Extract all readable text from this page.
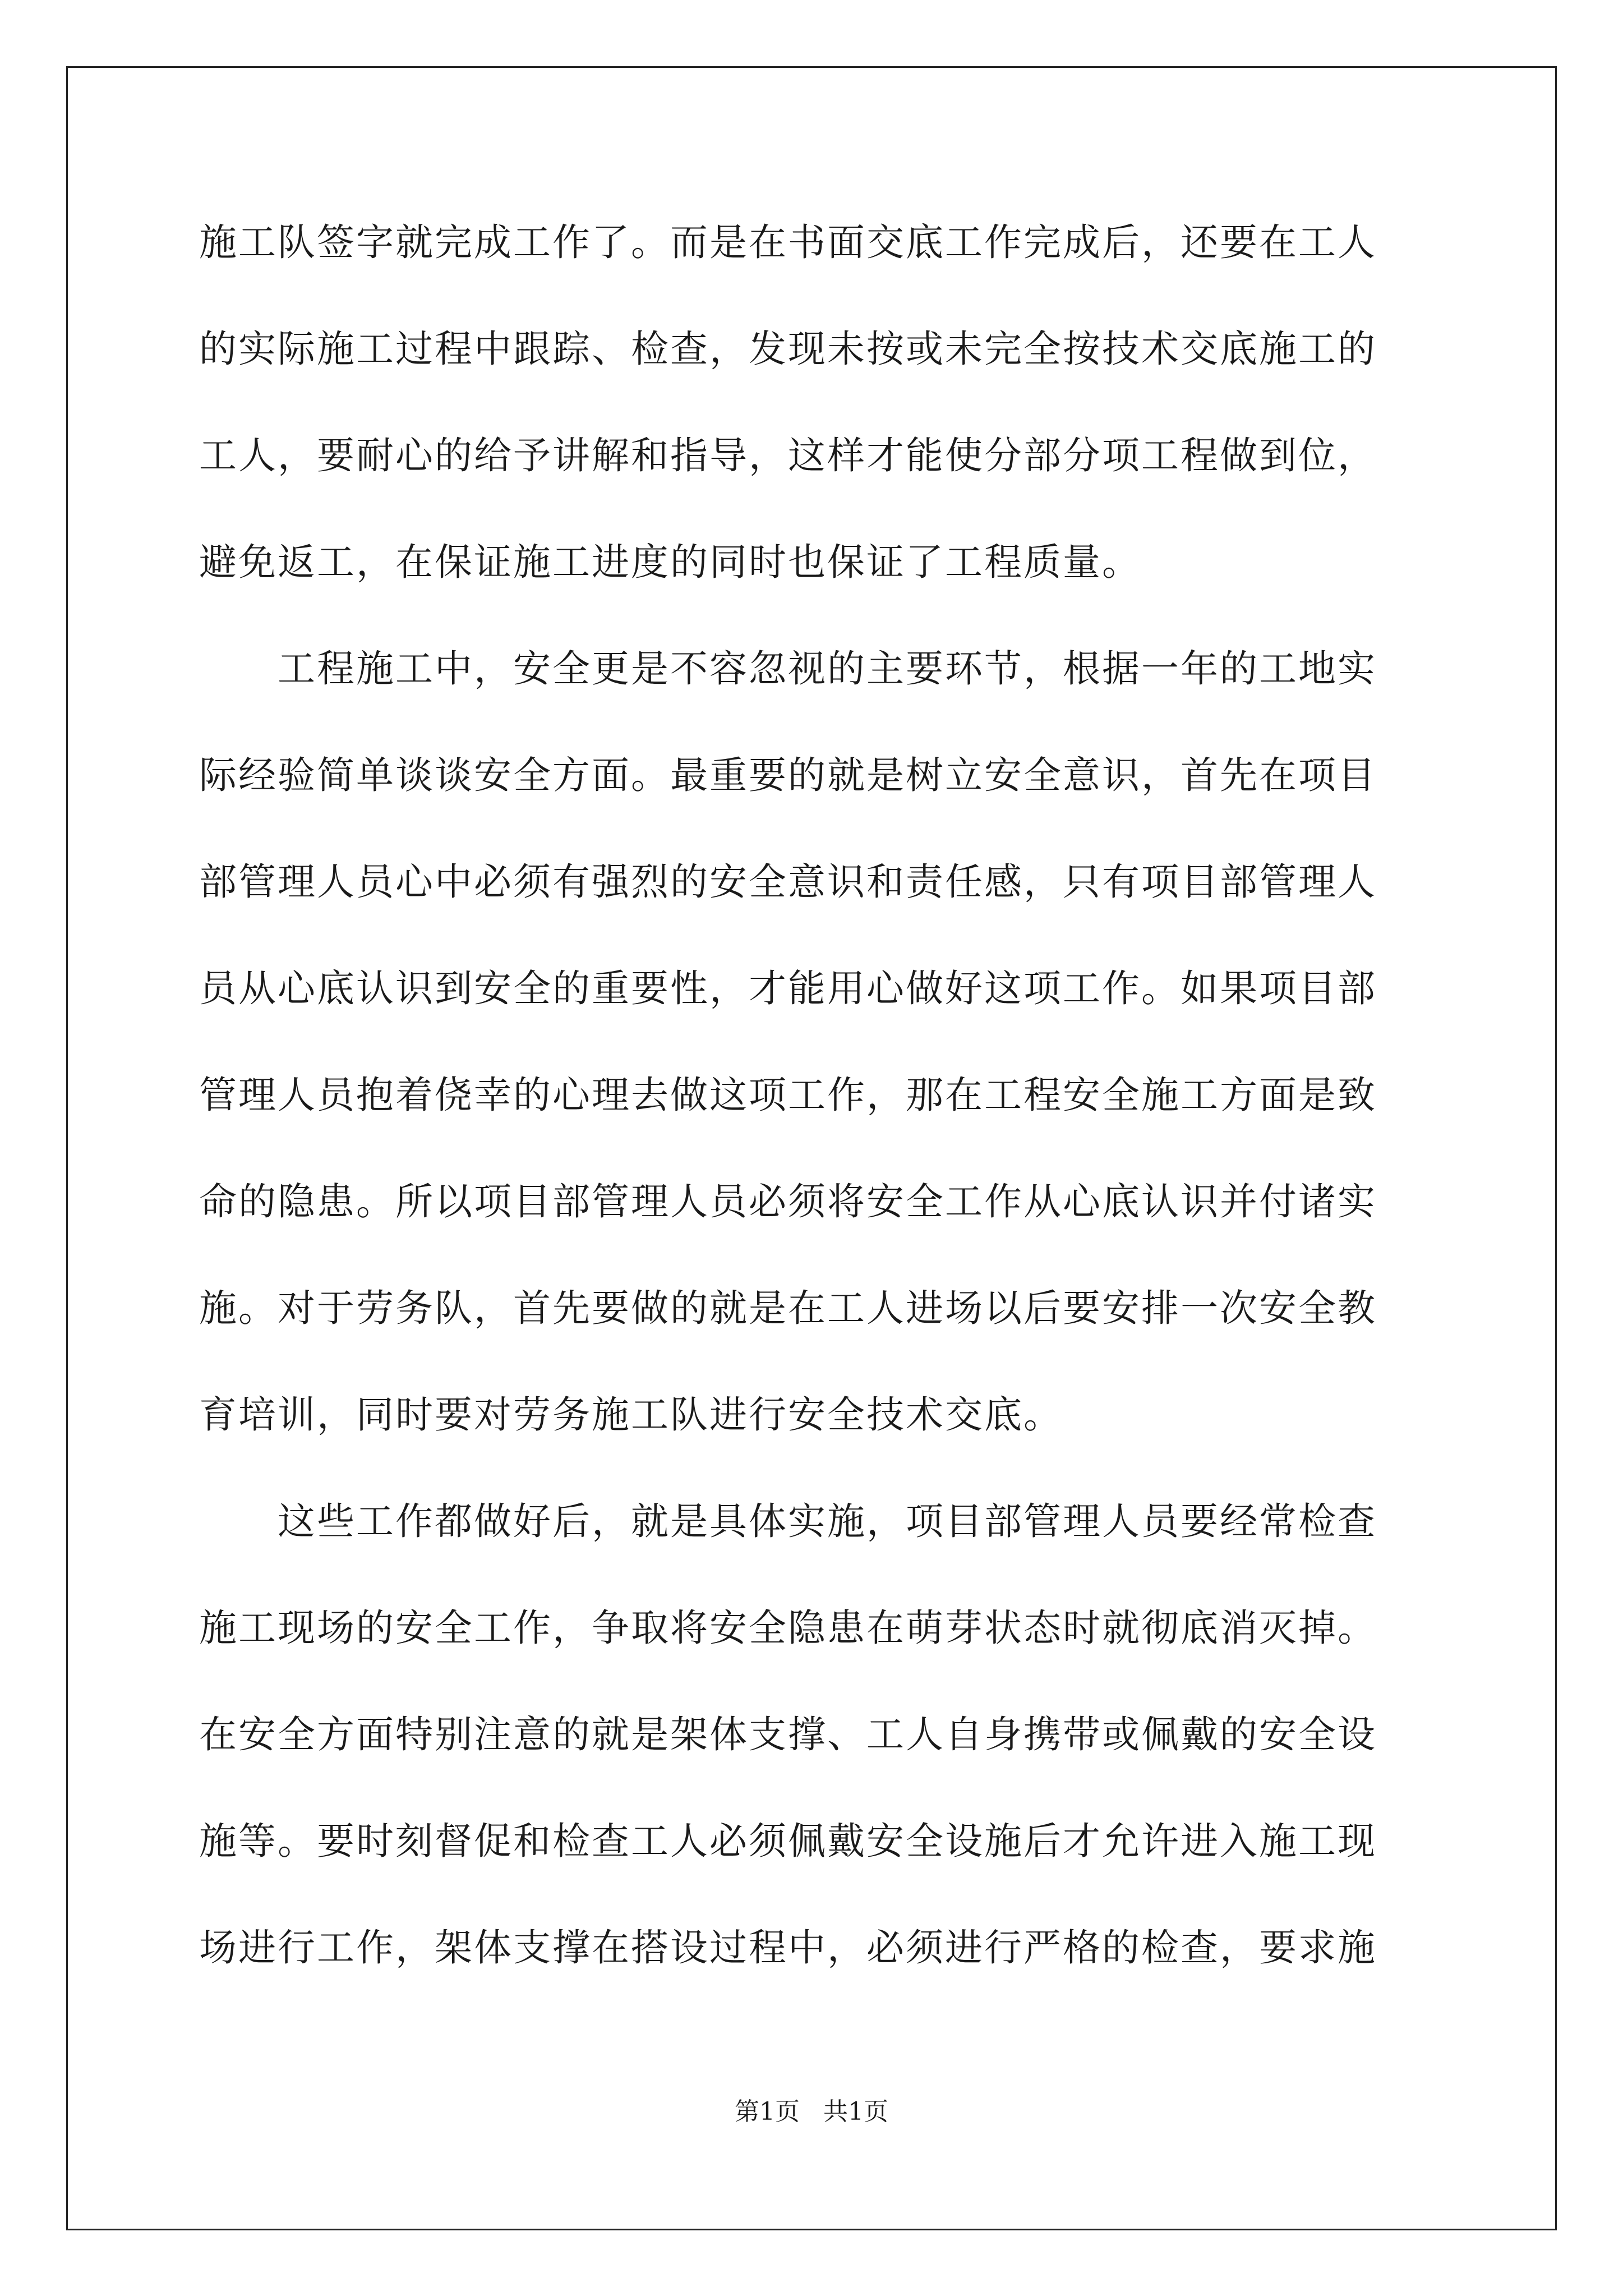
施工队签字就完成工作了。而是在书面交底工作完成后，还要在工人
的实际施工过程中跟踪、检查，发现未按或未完全按技术交底施工的
工人，要耐心的给予讲解和指导，这样才能使分部分项工程做到位，
避免返工，在保证施工进度的同时也保证了工程质量。
　　工程施工中，安全更是不容忽视的主要环节，根据一年的工地实
际经验简单谈谈安全方面。最重要的就是树立安全意识，首先在项目
部管理人员心中必须有强烈的安全意识和责任感，只有项目部管理人
员从心底认识到安全的重要性，才能用心做好这项工作。如果项目部
管理人员抱着侥幸的心理去做这项工作，那在工程安全施工方面是致
命的隐患。所以项目部管理人员必须将安全工作从心底认识并付诸实
施。对于劳务队，首先要做的就是在工人进场以后要安排一次安全教
育培训，同时要对劳务施工队进行安全技术交底。
　　这些工作都做好后，就是具体实施，项目部管理人员要经常检查
施工现场的安全工作，争取将安全隐患在萌芽状态时就彻底消灭掉。
在安全方面特别注意的就是架体支撑、工人自身携带或佩戴的安全设
施等。要时刻督促和检查工人必须佩戴安全设施后才允许进入施工现
场进行工作，架体支撑在搭设过程中，必须进行严格的检查，要求施
第1页   共1页
